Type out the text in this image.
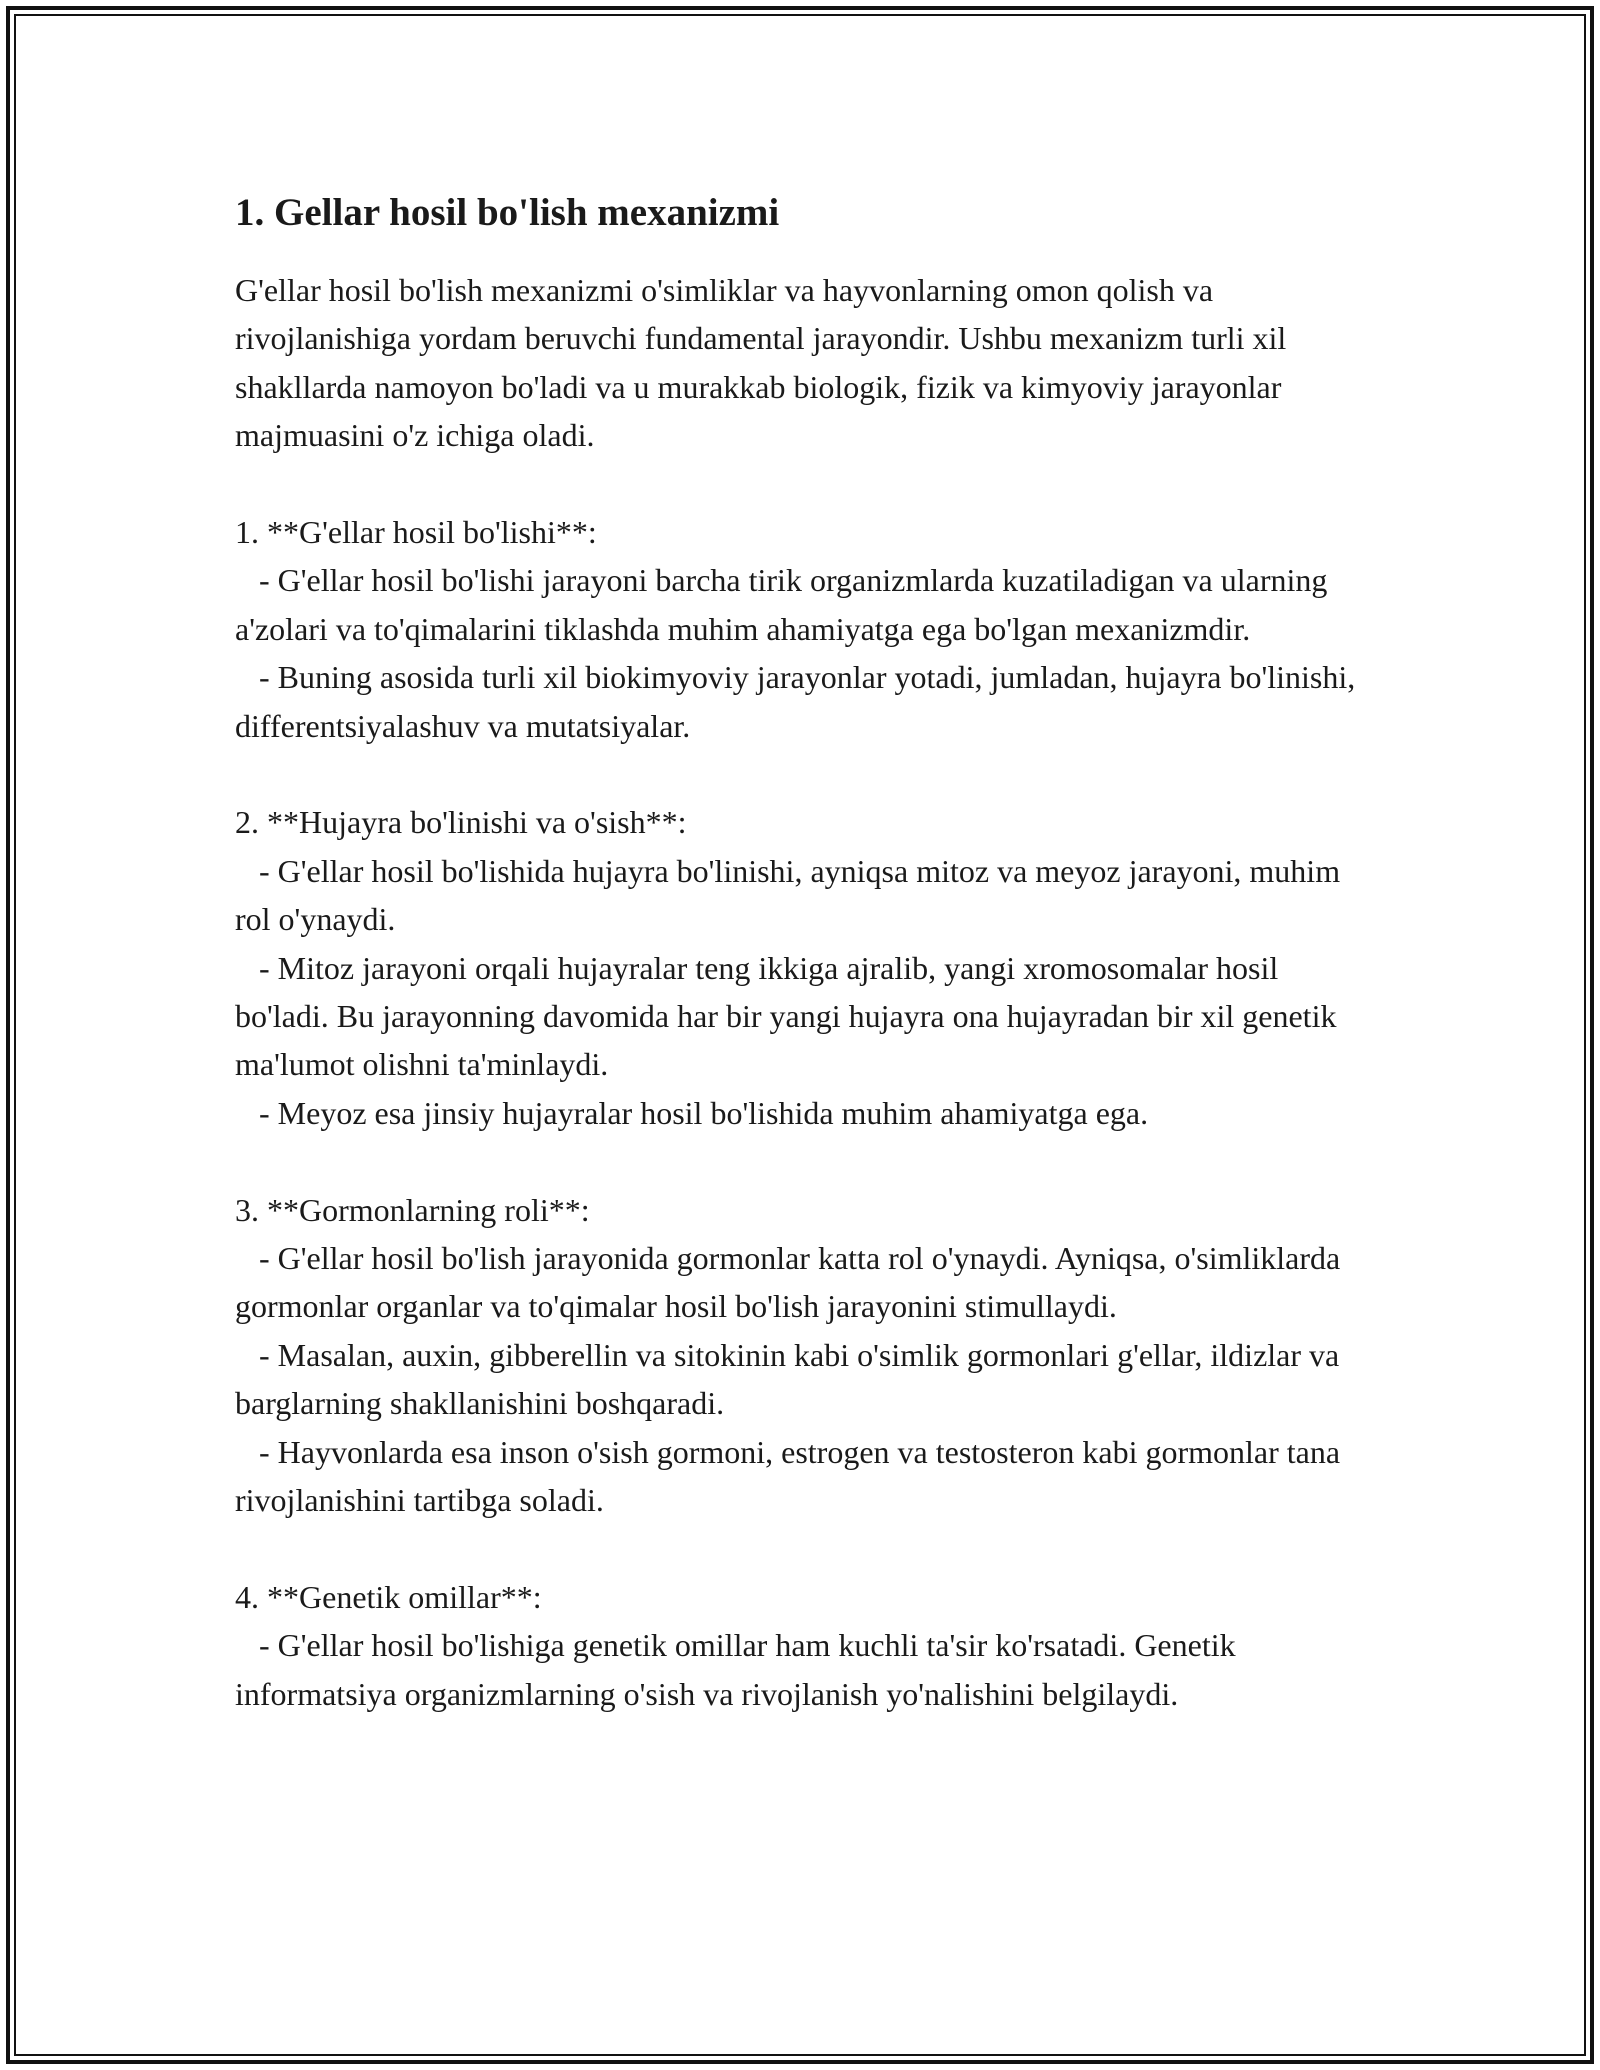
1. Gellar hosil bo'lish mexanizmi

G'ellar hosil bo'lish mexanizmi o'simliklar va hayvonlarning omon qolish va rivojlanishiga yordam beruvchi fundamental jarayondir. Ushbu mexanizm turli xil shakllarda namoyon bo'ladi va u murakkab biologik, fizik va kimyoviy jarayonlar majmuasini o'z ichiga oladi.

1. **G'ellar hosil bo'lishi**:

- G'ellar hosil bo'lishi jarayoni barcha tirik organizmlarda kuzatiladigan va ularning a'zolari va to'qimalarini tiklashda muhim ahamiyatga ega bo'lgan mexanizmdir.

- Buning asosida turli xil biokimyoviy jarayonlar yotadi, jumladan, hujayra bo'linishi, differentsiyalashuv va mutatsiyalar.

2. **Hujayra bo'linishi va o'sish**:

- G'ellar hosil bo'lishida hujayra bo'linishi, ayniqsa mitoz va meyoz jarayoni, muhim rol o'ynaydi.

- Mitoz jarayoni orqali hujayralar teng ikkiga ajralib, yangi xromosomalar hosil bo'ladi. Bu jarayonning davomida har bir yangi hujayra ona hujayradan bir xil genetik ma'lumot olishni ta'minlaydi.

- Meyoz esa jinsiy hujayralar hosil bo'lishida muhim ahamiyatga ega.

3. **Gormonlarning roli**:

- G'ellar hosil bo'lish jarayonida gormonlar katta rol o'ynaydi. Ayniqsa, o'simliklarda gormonlar organlar va to'qimalar hosil bo'lish jarayonini stimullaydi.

- Masalan, auxin, gibberellin va sitokinin kabi o'simlik gormonlari g'ellar, ildizlar va barglarning shakllanishini boshqaradi.

- Hayvonlarda esa inson o'sish gormoni, estrogen va testosteron kabi gormonlar tana rivojlanishini tartibga soladi.

4. **Genetik omillar**:

- G'ellar hosil bo'lishiga genetik omillar ham kuchli ta'sir ko'rsatadi. Genetik informatsiya organizmlarning o'sish va rivojlanish yo'nalishini belgilaydi.
